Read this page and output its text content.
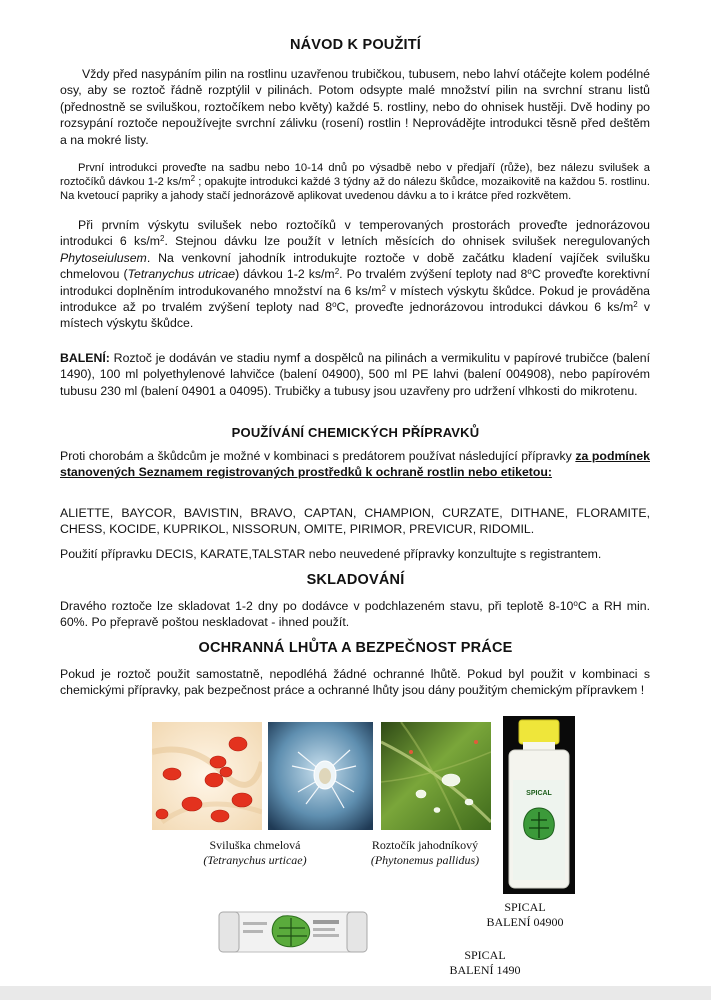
NÁVOD K POUŽITÍ

Vždy před nasypáním pilin na rostlinu uzavřenou trubičkou, tubusem, nebo lahví otáčejte kolem podélné osy, aby se roztoč řádně rozptýlil v pilinách. Potom odsypte malé množství pilin na svrchní stranu listů (přednostně se sviluškou, roztočíkem nebo květy) každé 5. rostliny, nebo do ohnisek hustěji. Dvě hodiny po rozsypání roztoče nepoužívejte svrchní zálivku (rosení) rostlin ! Neprovádějte introdukci těsně před deštěm a na mokré listy.

První introdukci proveďte na sadbu nebo 10-14 dnů po výsadbě nebo v předjaří (růže), bez nálezu svilušek a roztočíků dávkou 1-2 $ks/m^2$ ; opakujte introdukci každé 3 týdny až do nálezu škůdce, mozaikovitě na každou 5. rostlinu. Na kvetoucí papriky a jahody stačí jednorázově aplikovat uvedenou dávku a to i krátce před rozkvětem.

Při prvním výskytu svilušek nebo roztočíků v temperovaných prostorách proveďte jednorázovou introdukci 6 $ks/m^2$. Stejnou dávku lze použít v letních měsících do ohnisek svilušek neregulovaných Phytoseiulusem. Na venkovní jahodník introdukujte roztoče v době začátku kladení vajíček svilušku chmelovou (Tetranychus utricae) dávkou 1-2 $ks/m^2$. Po trvalém zvýšení teploty nad 8$^o$C proveďte korektivní introdukci doplněním introdukovaného množství na 6 $ks/m^2$ v místech výskytu škůdce. Pokud je prováděna introdukce až po trvalém zvýšení teploty nad 8$^o$C, proveďte jednorázovou introdukci dávkou 6 $ks/m^2$ v místech výskytu škůdce.

BALENÍ: Roztoč je dodáván ve stadiu nymf a dospělců na pilinách a vermikulitu v papírové trubičce (balení 1490), 100 ml polyethylenové lahvičce (balení 04900), 500 ml PE lahvi (balení 004908), nebo papírovém tubusu 230 ml (balení 04901 a 04095). Trubičky a tubusy jsou uzavřeny pro udržení vlhkosti do mikrotenu.

POUŽÍVÁNÍ CHEMICKÝCH PŘÍPRAVKŮ

Proti chorobám a škůdcům je možné v kombinaci s predátorem používat následující přípravky za podmínek stanovených Seznamem registrovaných prostředků k ochraně rostlin nebo etiketou:

ALIETTE, BAYCOR, BAVISTIN, BRAVO, CAPTAN, CHAMPION, CURZATE, DITHANE, FLORAMITE, CHESS, KOCIDE, KUPRIKOL, NISSORUN, OMITE, PIRIMOR, PREVICUR, RIDOMIL.

Použití přípravku DECIS, KARATE,TALSTAR nebo neuvedené přípravky konzultujte s registrantem.

SKLADOVÁNÍ

Dravého roztoče lze skladovat 1-2 dny po dodávce v podchlazeném stavu, při teplotě 8-10$^o$C a RH min. 60%. Po přepravě poštou neskladovat - ihned použít.

OCHRANNÁ LHŮTA A BEZPEČNOST PRÁCE

Pokud je roztoč použit samostatně, nepodléhá žádné ochranné lhůtě. Pokud byl použit v kombinaci s chemickými přípravky, pak bezpečnost práce a ochranné lhůty jsou dány použitým chemickým přípravkem !

SPICAL
Sviluška chmelová
(Tetranychus urticae)
Roztočík jahodníkový
(Phytonemus pallidus)
SPICAL
BALENÍ 04900
SPICAL
BALENÍ 1490
